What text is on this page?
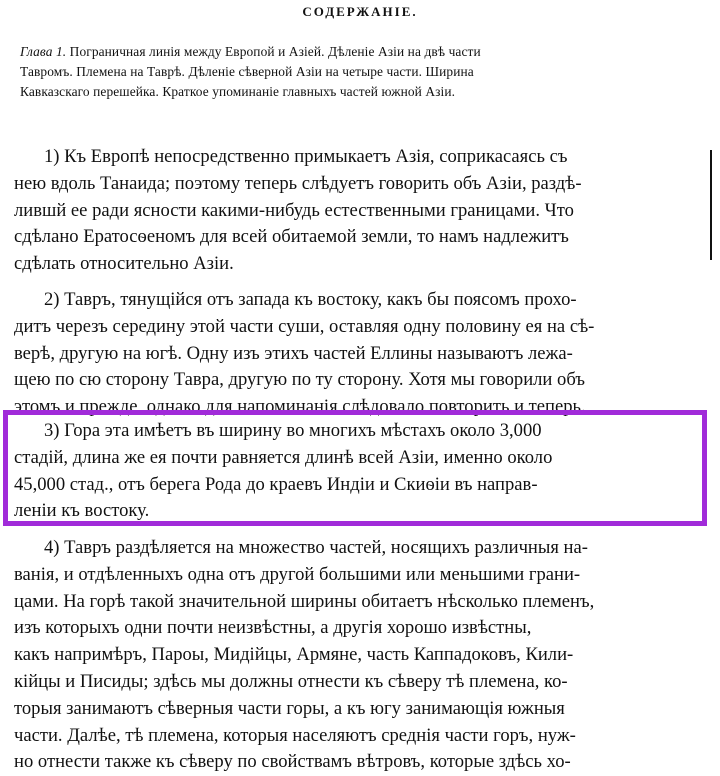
СОДЕРЖАНІЕ.
Глава 1. Пограничная линія между Европой и Азіей. Дѣленіе Азіи на двѣ части
Тавромъ. Племена на Таврѣ. Дѣленіе сѣверной Азіи на четыре части. Ширина
Кавказскаго перешейка. Краткое упоминаніе главныхъ частей южной Азіи.
1) Къ Европѣ непосредственно примыкаетъ Азія, соприкасаясь съ
нею вдоль Танаида; поэтому теперь слѣдуетъ говорить объ Азіи, раздѣ-
лившй ее ради ясности какими-нибудь естественными границами. Что
сдѣлано Ератосѳеномъ для всей обитаемой земли, то намъ надлежитъ
сдѣлать относительно Азіи.
2) Тавръ, тянущійся отъ запада къ востоку, какъ бы поясомъ прохо-
дитъ черезъ середину этой части суши, оставляя одну половину ея на сѣ-
верѣ, другую на югѣ. Одну изъ этихъ частей Еллины называютъ лежа-
щею по сю сторону Тавра, другую по ту сторону. Хотя мы говорили объ
этомъ и прежде, однако для напоминанія слѣдовало повторить и теперь.
3) Гора эта имѣетъ въ ширину во многихъ мѣстахъ около 3,000
стадій, длина же ея почти равняется длинѣ всей Азіи, именно около
45,000 стад., отъ берега Рода до краевъ Индіи и Скиѳіи въ направ-
леніи къ востоку.
4) Тавръ раздѣляется на множество частей, носящихъ различныя на-
ванія, и отдѣленныхъ одна отъ другой большими или меньшими грани-
цами. На горѣ такой значительной ширины обитаетъ нѣсколько племенъ,
изъ которыхъ одни почти неизвѣстны, а другія хорошо извѣстны,
какъ напримѣръ, Пароы, Мидійцы, Армяне, часть Каппадоковъ, Кили-
кійцы и Писиды; здѣсь мы должны отнести къ сѣверу тѣ племена, ко-
торыя занимаютъ сѣверныя части горы, а къ югу занимающія южныя
части. Далѣе, тѣ племена, которыя населяютъ среднія части горъ, нуж-
но отнести также къ сѣверу по свойствамъ вѣтровъ, которые здѣсь хо-
